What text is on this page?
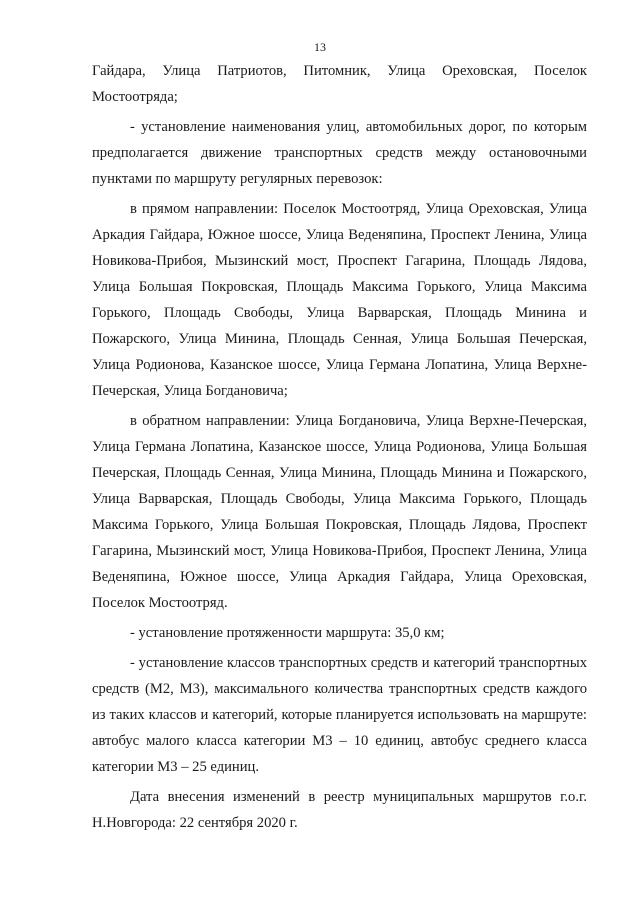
13

Гайдара, Улица Патриотов, Питомник, Улица Ореховская, Поселок Мостоотряда;

- установление наименования улиц, автомобильных дорог, по которым предполагается движение транспортных средств между остановочными пунктами по маршруту регулярных перевозок:

в прямом направлении: Поселок Мостоотряд, Улица Ореховская, Улица Аркадия Гайдара, Южное шоссе, Улица Веденяпина, Проспект Ленина, Улица Новикова-Прибоя, Мызинский мост, Проспект Гагарина, Площадь Лядова, Улица Большая Покровская, Площадь Максима Горького, Улица Максима Горького, Площадь Свободы, Улица Варварская, Площадь Минина и Пожарского, Улица Минина, Площадь Сенная, Улица Большая Печерская, Улица Родионова, Казанское шоссе, Улица Германа Лопатина, Улица Верхне-Печерская, Улица Богдановича;

в обратном направлении: Улица Богдановича, Улица Верхне-Печерская, Улица Германа Лопатина, Казанское шоссе, Улица Родионова, Улица Большая Печерская, Площадь Сенная, Улица Минина, Площадь Минина и Пожарского, Улица Варварская, Площадь Свободы, Улица Максима Горького, Площадь Максима Горького, Улица Большая Покровская, Площадь Лядова, Проспект Гагарина, Мызинский мост, Улица Новикова-Прибоя, Проспект Ленина, Улица Веденяпина, Южное шоссе, Улица Аркадия Гайдара, Улица Ореховская, Поселок Мостоотряд.

- установление протяженности маршрута: 35,0 км;

- установление классов транспортных средств и категорий транспортных средств (М2, М3), максимального количества транспортных средств каждого из таких классов и категорий, которые планируется использовать на маршруте: автобус малого класса категории М3 – 10 единиц, автобус среднего класса категории М3 – 25 единиц.

Дата внесения изменений в реестр муниципальных маршрутов г.о.г. Н.Новгорода: 22 сентября 2020 г.
